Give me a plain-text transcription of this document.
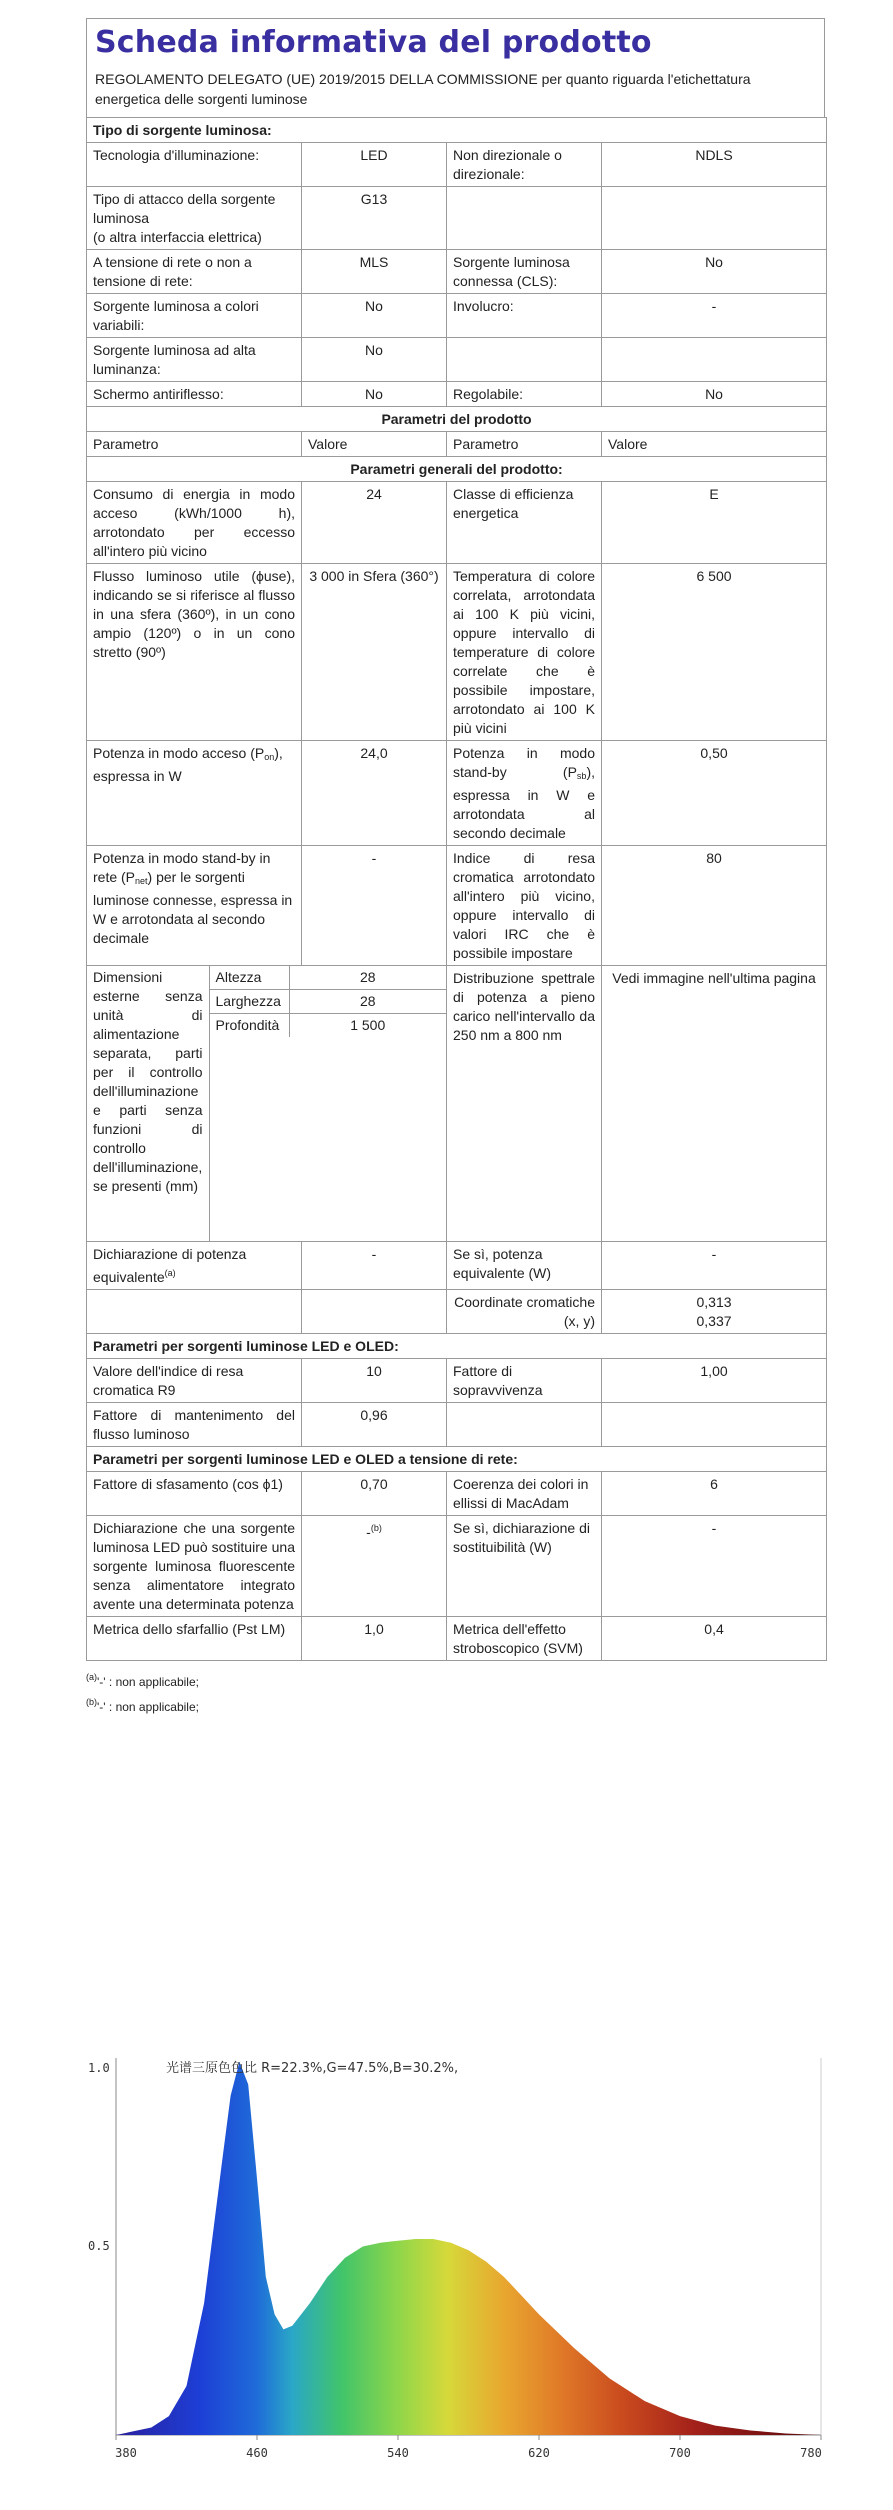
Scheda informativa del prodotto
REGOLAMENTO DELEGATO (UE) 2019/2015 DELLA COMMISSIONE per quanto riguarda l'etichettatura energetica delle sorgenti luminose
Tipo di sorgente luminosa:
Tecnologia d'illuminazione:	LED	Non direzionale o direzionale:	NDLS
Tipo di attacco della sorgente luminosa
(o altra interfaccia elettrica)	G13		
A tensione di rete o non a tensione di rete:	MLS	Sorgente luminosa connessa (CLS):	No
Sorgente luminosa a colori variabili:	No	Involucro:	-
Sorgente luminosa ad alta luminanza:	No		
Schermo antiriflesso:	No	Regolabile:	No
Parametri del prodotto
Parametro	Valore	Parametro	Valore
Parametri generali del prodotto:
Consumo di energia in modo acceso (kWh/1000 h), arrotondato per eccesso all'intero più vicino	24	Classe di efficienza energetica	E
Flusso luminoso utile (ϕuse), indicando se si riferisce al flusso in una sfera (360º), in un cono ampio (120º) o in un cono stretto (90º)	3 000 in Sfera (360°)	Temperatura di colore correlata, arrotondata ai 100 K più vicini, oppure intervallo di temperature di colore correlate che è possibile impostare, arrotondato ai 100 K più vicini	6 500
Potenza in modo acceso $(P_{on})$, espressa in W	24,0	Potenza in modo stand-by $(P_{sb})$, espressa in W e arrotondata al secondo decimale	0,50
Potenza in modo stand-by in rete $(P_{net})$ per le sorgenti luminose connesse, espressa in W e arrotondata al secondo decimale	-	Indice di resa cromatica arrotondato all'intero più vicino, oppure intervallo di valori IRC che è possibile impostare	80

Dimensioni esterne senza unità di alimentazione separata, parti per il controllo dell'illuminazione e parti senza funzioni di controllo dell'illuminazione, se presenti (mm)	Altezza	28
Larghezza	28
Profondità	1 500

	Distribuzione spettrale di potenza a pieno carico nell'intervallo da 250 nm a 800 nm	Vedi immagine nell'ultima pagina
Dichiarazione di potenza equivalente$^{(a)}$	-	Se sì, potenza equivalente (W)	-
		Coordinate cromatiche (x, y)	0,313
0,337
Parametri per sorgenti luminose LED e OLED:
Valore dell'indice di resa cromatica R9	10	Fattore di sopravvivenza	1,00
Fattore di mantenimento del flusso luminoso	0,96		
Parametri per sorgenti luminose LED e OLED a tensione di rete:
Fattore di sfasamento (cos ϕ1)	0,70	Coerenza dei colori in ellissi di MacAdam	6
Dichiarazione che una sorgente luminosa LED può sostituire una sorgente luminosa fluorescente senza alimentatore integrato avente una determinata potenza	-$^{(b)}$	Se sì, dichiarazione di sostituibilità (W)	-
Metrica dello sfarfallio (Pst LM)	1,0	Metrica dell'effetto stroboscopico (SVM)	0,4
$^{(a)}$'-' : non applicabile;
$^{(b)}$'-' : non applicabile;
光谱三原色色比 R=22.3%,G=47.5%,B=30.2%,
1.0
0.5
380	460	540	620	700	780
